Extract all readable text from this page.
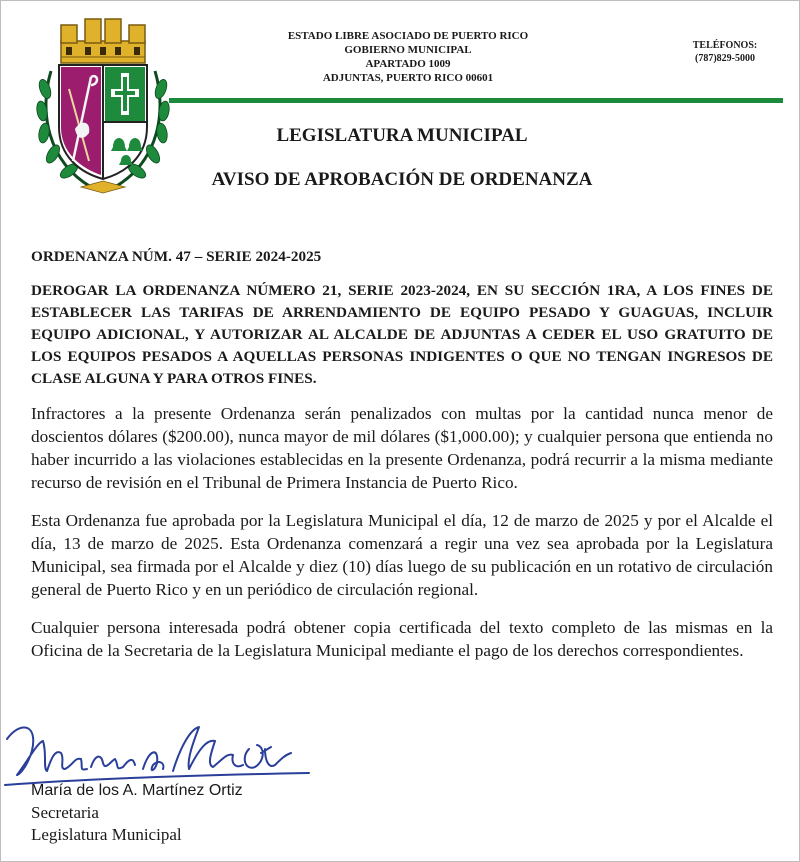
ESTADO LIBRE ASOCIADO DE PUERTO RICO
GOBIERNO MUNICIPAL
APARTADO 1009
ADJUNTAS, PUERTO RICO 00601
TELÉFONOS:
(787)829-5000
LEGISLATURA MUNICIPAL
AVISO DE APROBACIÓN DE ORDENANZA

ORDENANZA NÚM. 47 – SERIE 2024-2025

DEROGAR LA ORDENANZA NÚMERO 21, SERIE 2023-2024, EN SU SECCIÓN 1RA, A LOS FINES DE ESTABLECER LAS TARIFAS DE ARRENDAMIENTO DE EQUIPO PESADO Y GUAGUAS, INCLUIR EQUIPO ADICIONAL, Y AUTORIZAR AL ALCALDE DE ADJUNTAS A CEDER EL USO GRATUITO DE LOS EQUIPOS PESADOS A AQUELLAS PERSONAS INDIGENTES O QUE NO TENGAN INGRESOS DE CLASE ALGUNA Y PARA OTROS FINES.

Infractores a la presente Ordenanza serán penalizados con multas por la cantidad nunca menor de doscientos dólares ($200.00), nunca mayor de mil dólares ($1,000.00); y cualquier persona que entienda no haber incurrido a las violaciones establecidas en la presente Ordenanza, podrá recurrir a la misma mediante recurso de revisión en el Tribunal de Primera Instancia de Puerto Rico.

Esta Ordenanza fue aprobada por la Legislatura Municipal el día, 12 de marzo de 2025 y por el Alcalde el día, 13 de marzo de 2025. Esta Ordenanza comenzará a regir una vez sea aprobada por la Legislatura Municipal, sea firmada por el Alcalde y diez (10) días luego de su publicación en un rotativo de circulación general de Puerto Rico y en un periódico de circulación regional.

Cualquier persona interesada podrá obtener copia certificada del texto completo de las mismas en la Oficina de la Secretaria de la Legislatura Municipal mediante el pago de los derechos correspondientes.

María de los A. Martínez Ortiz
Secretaria
Legislatura Municipal
